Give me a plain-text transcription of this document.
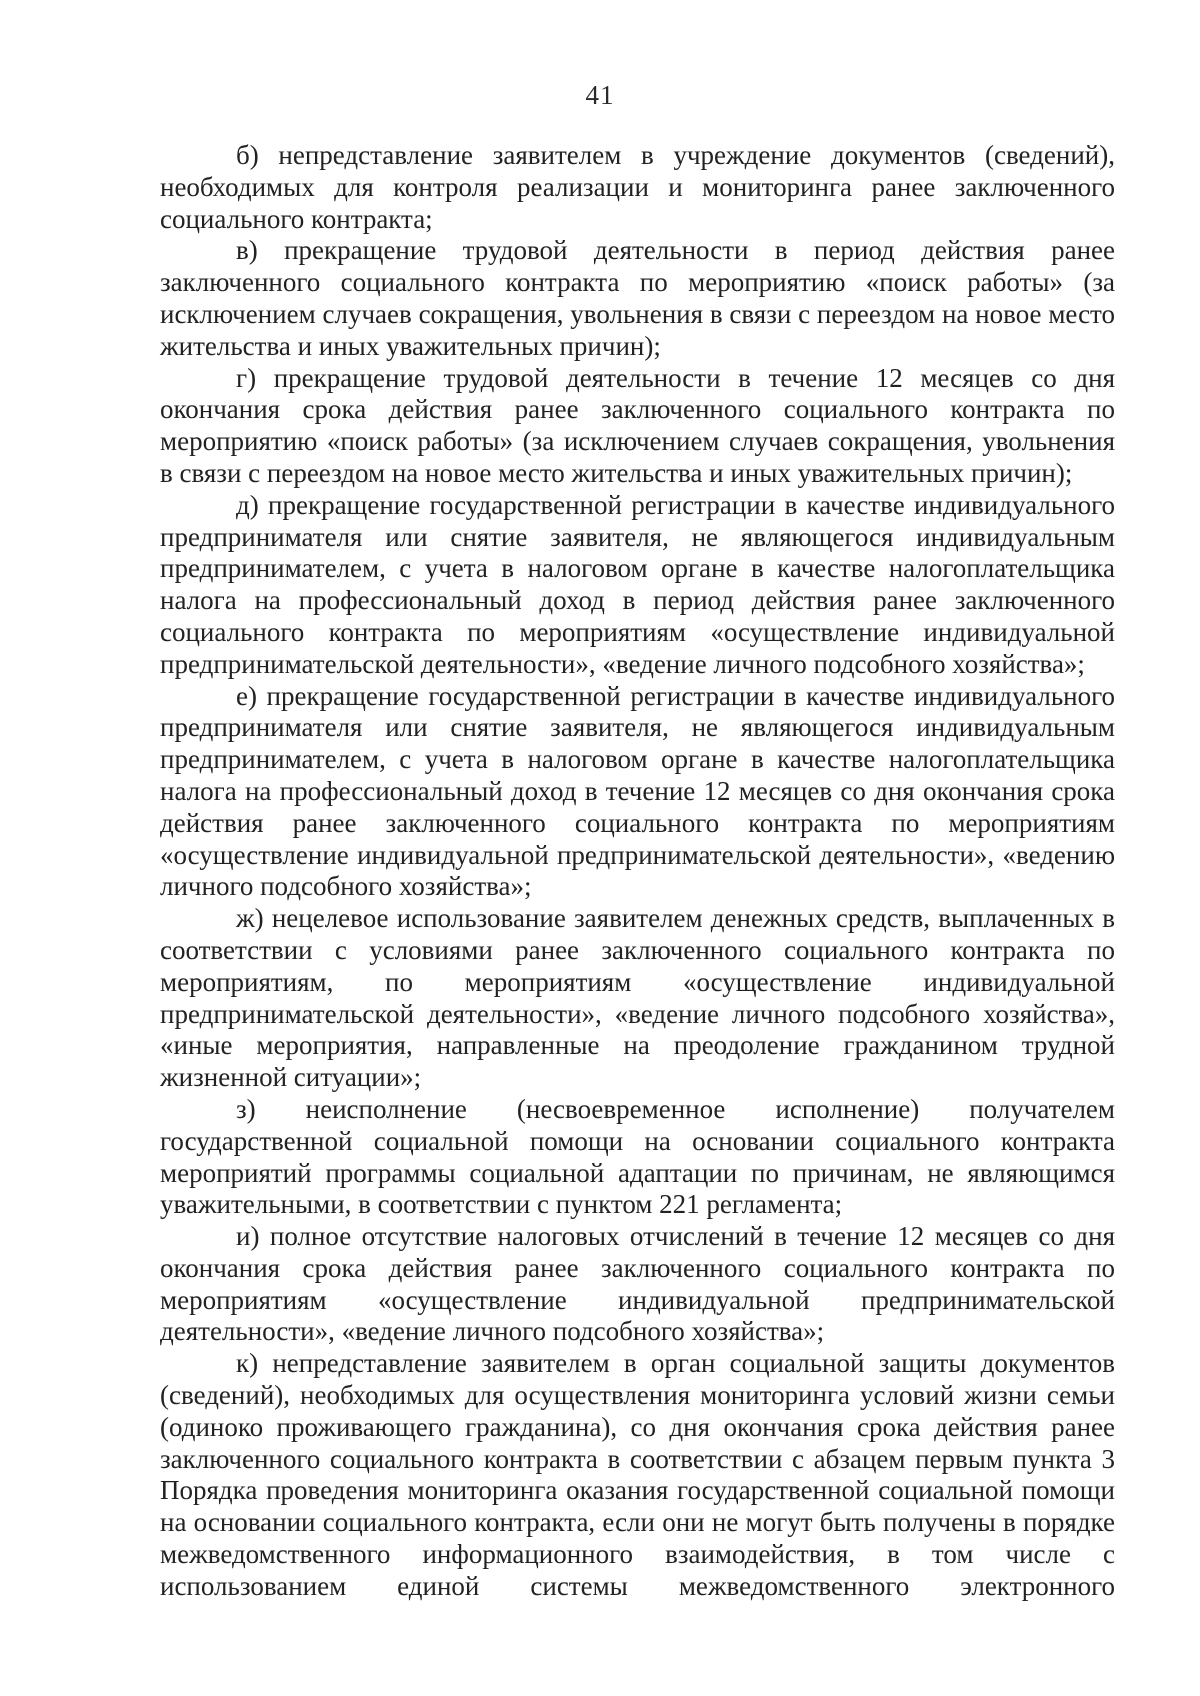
41

б) непредставление заявителем в учреждение документов (сведений), необходимых для контроля реализации и мониторинга ранее заключенного социального контракта;

в) прекращение трудовой деятельности в период действия ранее заключенного социального контракта по мероприятию «поиск работы» (за исключением случаев сокращения, увольнения в связи с переездом на новое место жительства и иных уважительных причин);

г) прекращение трудовой деятельности в течение 12 месяцев со дня окончания срока действия ранее заключенного социального контракта по мероприятию «поиск работы» (за исключением случаев сокращения, увольнения в связи с переездом на новое место жительства и иных уважительных причин);

д) прекращение государственной регистрации в качестве индивидуального предпринимателя или снятие заявителя, не являющегося индивидуальным предпринимателем, с учета в налоговом органе в качестве налогоплательщика налога на профессиональный доход в период действия ранее заключенного социального контракта по мероприятиям «осуществление индивидуальной предпринимательской деятельности», «ведение личного подсобного хозяйства»;

е) прекращение государственной регистрации в качестве индивидуального предпринимателя или снятие заявителя, не являющегося индивидуальным предпринимателем, с учета в налоговом органе в качестве налогоплательщика налога на профессиональный доход в течение 12 месяцев со дня окончания срока действия ранее заключенного социального контракта по мероприятиям «осуществление индивидуальной предпринимательской деятельности», «ведению личного подсобного хозяйства»;

ж) нецелевое использование заявителем денежных средств, выплаченных в соответствии с условиями ранее заключенного социального контракта по мероприятиям, по мероприятиям «осуществление индивидуальной предпринимательской деятельности», «ведение личного подсобного хозяйства», «иные мероприятия, направленные на преодоление гражданином трудной жизненной ситуации»;

з) неисполнение (несвоевременное исполнение) получателем государственной социальной помощи на основании социального контракта мероприятий программы социальной адаптации по причинам, не являющимся уважительными, в соответствии с пунктом 221 регламента;

и) полное отсутствие налоговых отчислений в течение 12 месяцев со дня окончания срока действия ранее заключенного социального контракта по мероприятиям «осуществление индивидуальной предпринимательской деятельности», «ведение личного подсобного хозяйства»;

к) непредставление заявителем в орган социальной защиты документов (сведений), необходимых для осуществления мониторинга условий жизни семьи (одиноко проживающего гражданина), со дня окончания срока действия ранее заключенного социального контракта в соответствии с абзацем первым пункта 3 Порядка проведения мониторинга оказания государственной социальной помощи на основании социального контракта, если они не могут быть получены в порядке межведомственного информационного взаимодействия, в том числе с использованием единой системы межведомственного электронного
